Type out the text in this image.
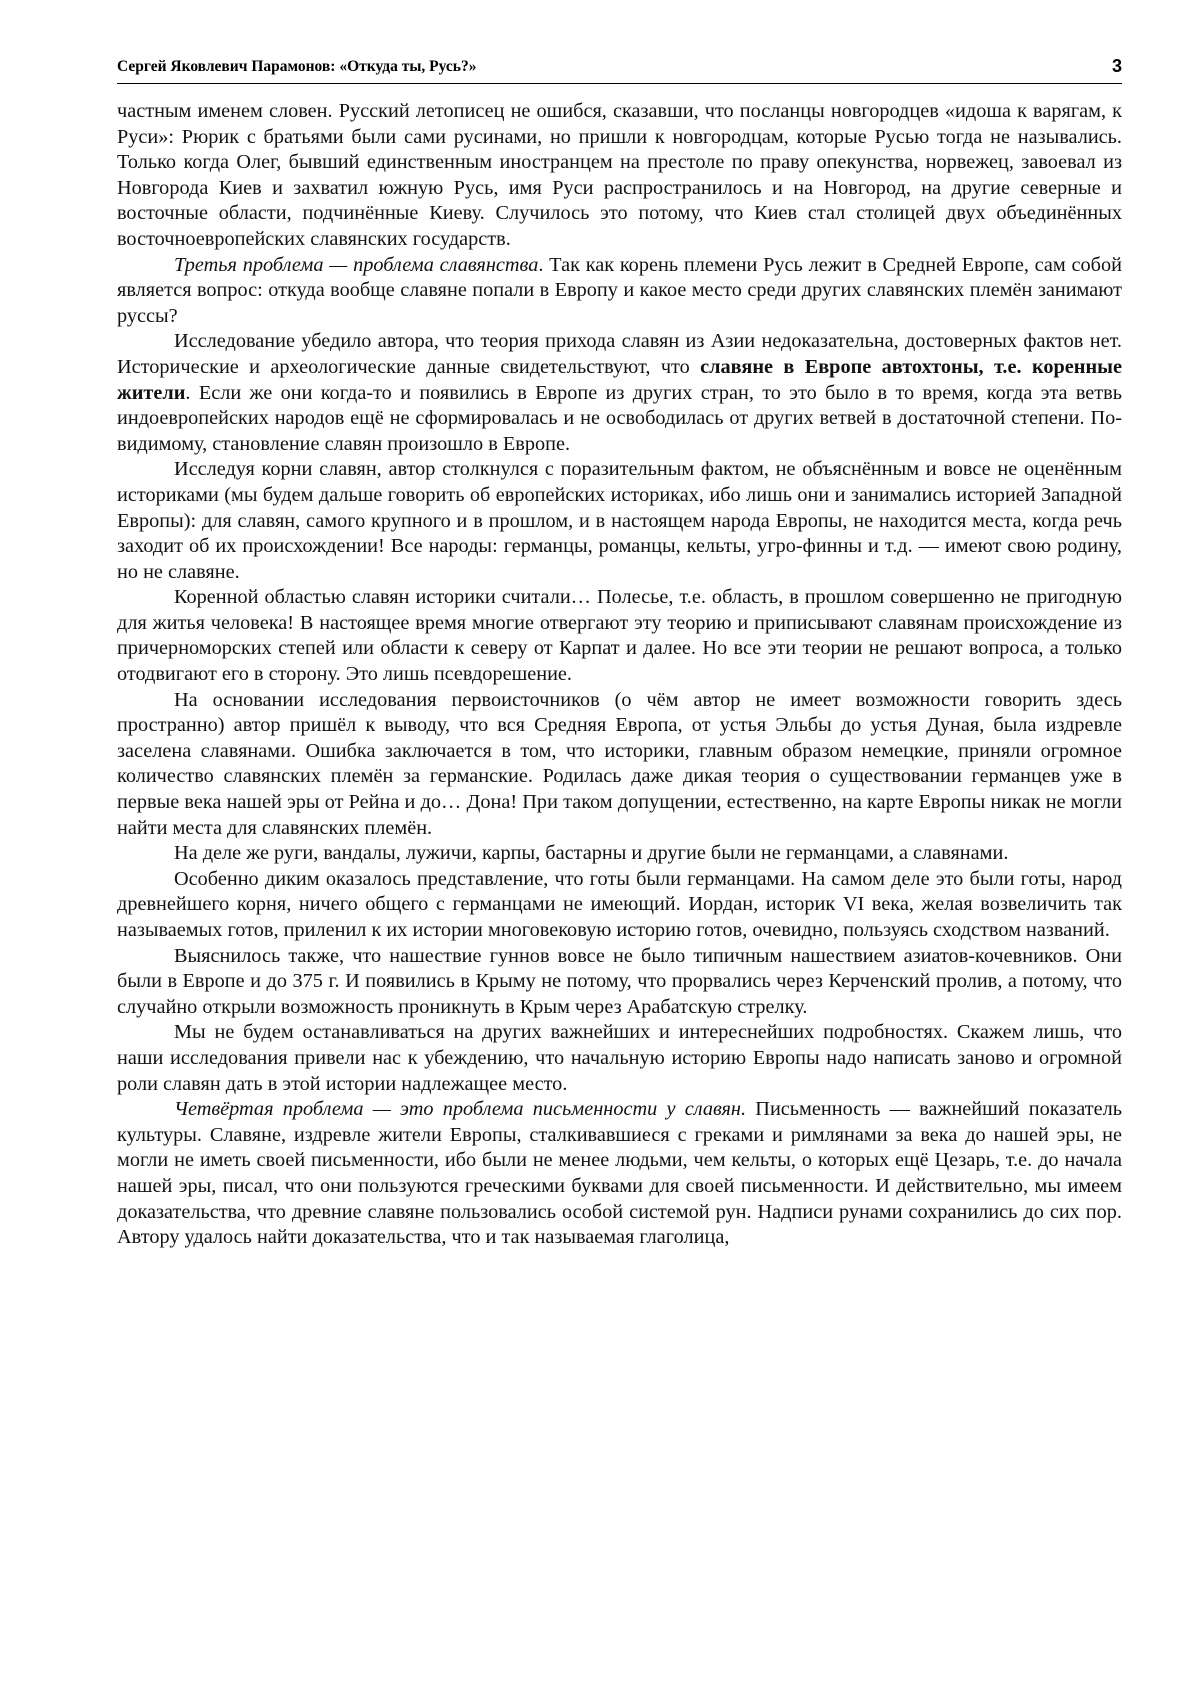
Сергей Яковлевич Парамонов: «Откуда ты, Русь?»	3

частным именем словен. Русский летописец не ошибся, сказавши, что посланцы новгородцев «идоша к варягам, к Руси»: Рюрик с братьями были сами русинами, но пришли к новгородцам, которые Русью тогда не назывались. Только когда Олег, бывший единственным иностранцем на престоле по праву опекунства, норвежец, завоевал из Новгорода Киев и захватил южную Русь, имя Руси распространилось и на Новгород, на другие северные и восточные области, подчинённые Киеву. Случилось это потому, что Киев стал столицей двух объединённых восточноевропейских славянских государств.

Третья проблема — проблема славянства. Так как корень племени Русь лежит в Средней Европе, сам собой является вопрос: откуда вообще славяне попали в Европу и какое место среди других славянских племён занимают руссы?

Исследование убедило автора, что теория прихода славян из Азии недоказательна, достоверных фактов нет. Исторические и археологические данные свидетельствуют, что славяне в Европе автохтоны, т.е. коренные жители. Если же они когда-то и появились в Европе из других стран, то это было в то время, когда эта ветвь индоевропейских народов ещё не сформировалась и не освободилась от других ветвей в достаточной степени. По-видимому, становление славян произошло в Европе.

Исследуя корни славян, автор столкнулся с поразительным фактом, не объяснённым и вовсе не оценённым историками (мы будем дальше говорить об европейских историках, ибо лишь они и занимались историей Западной Европы): для славян, самого крупного и в прошлом, и в настоящем народа Европы, не находится места, когда речь заходит об их происхождении! Все народы: германцы, романцы, кельты, угро-финны и т.д. — имеют свою родину, но не славяне.

Коренной областью славян историки считали… Полесье, т.е. область, в прошлом совершенно не пригодную для житья человека! В настоящее время многие отвергают эту теорию и приписывают славянам происхождение из причерноморских степей или области к северу от Карпат и далее. Но все эти теории не решают вопроса, а только отодвигают его в сторону. Это лишь псевдорешение.

На основании исследования первоисточников (о чём автор не имеет возможности говорить здесь пространно) автор пришёл к выводу, что вся Средняя Европа, от устья Эльбы до устья Дуная, была издревле заселена славянами. Ошибка заключается в том, что историки, главным образом немецкие, приняли огромное количество славянских племён за германские. Родилась даже дикая теория о существовании германцев уже в первые века нашей эры от Рейна и до… Дона! При таком допущении, естественно, на карте Европы никак не могли найти места для славянских племён.

На деле же руги, вандалы, лужичи, карпы, бастарны и другие были не германцами, а славянами.

Особенно диким оказалось представление, что готы были германцами. На самом деле это были готы, народ древнейшего корня, ничего общего с германцами не имеющий. Иордан, историк VI века, желая возвеличить так называемых готов, приленил к их истории многовековую историю готов, очевидно, пользуясь сходством названий.

Выяснилось также, что нашествие гуннов вовсе не было типичным нашествием азиатов-кочевников. Они были в Европе и до 375 г. И появились в Крыму не потому, что прорвались через Керченский пролив, а потому, что случайно открыли возможность проникнуть в Крым через Арабатскую стрелку.

Мы не будем останавливаться на других важнейших и интереснейших подробностях. Скажем лишь, что наши исследования привели нас к убеждению, что начальную историю Европы надо написать заново и огромной роли славян дать в этой истории надлежащее место.

Четвёртая проблема — это проблема письменности у славян. Письменность — важнейший показатель культуры. Славяне, издревле жители Европы, сталкивавшиеся с греками и римлянами за века до нашей эры, не могли не иметь своей письменности, ибо были не менее людьми, чем кельты, о которых ещё Цезарь, т.е. до начала нашей эры, писал, что они пользуются греческими буквами для своей письменности. И действительно, мы имеем доказательства, что древние славяне пользовались особой системой рун. Надписи рунами сохранились до сих пор. Автору удалось найти доказательства, что и так называемая глаголица,
